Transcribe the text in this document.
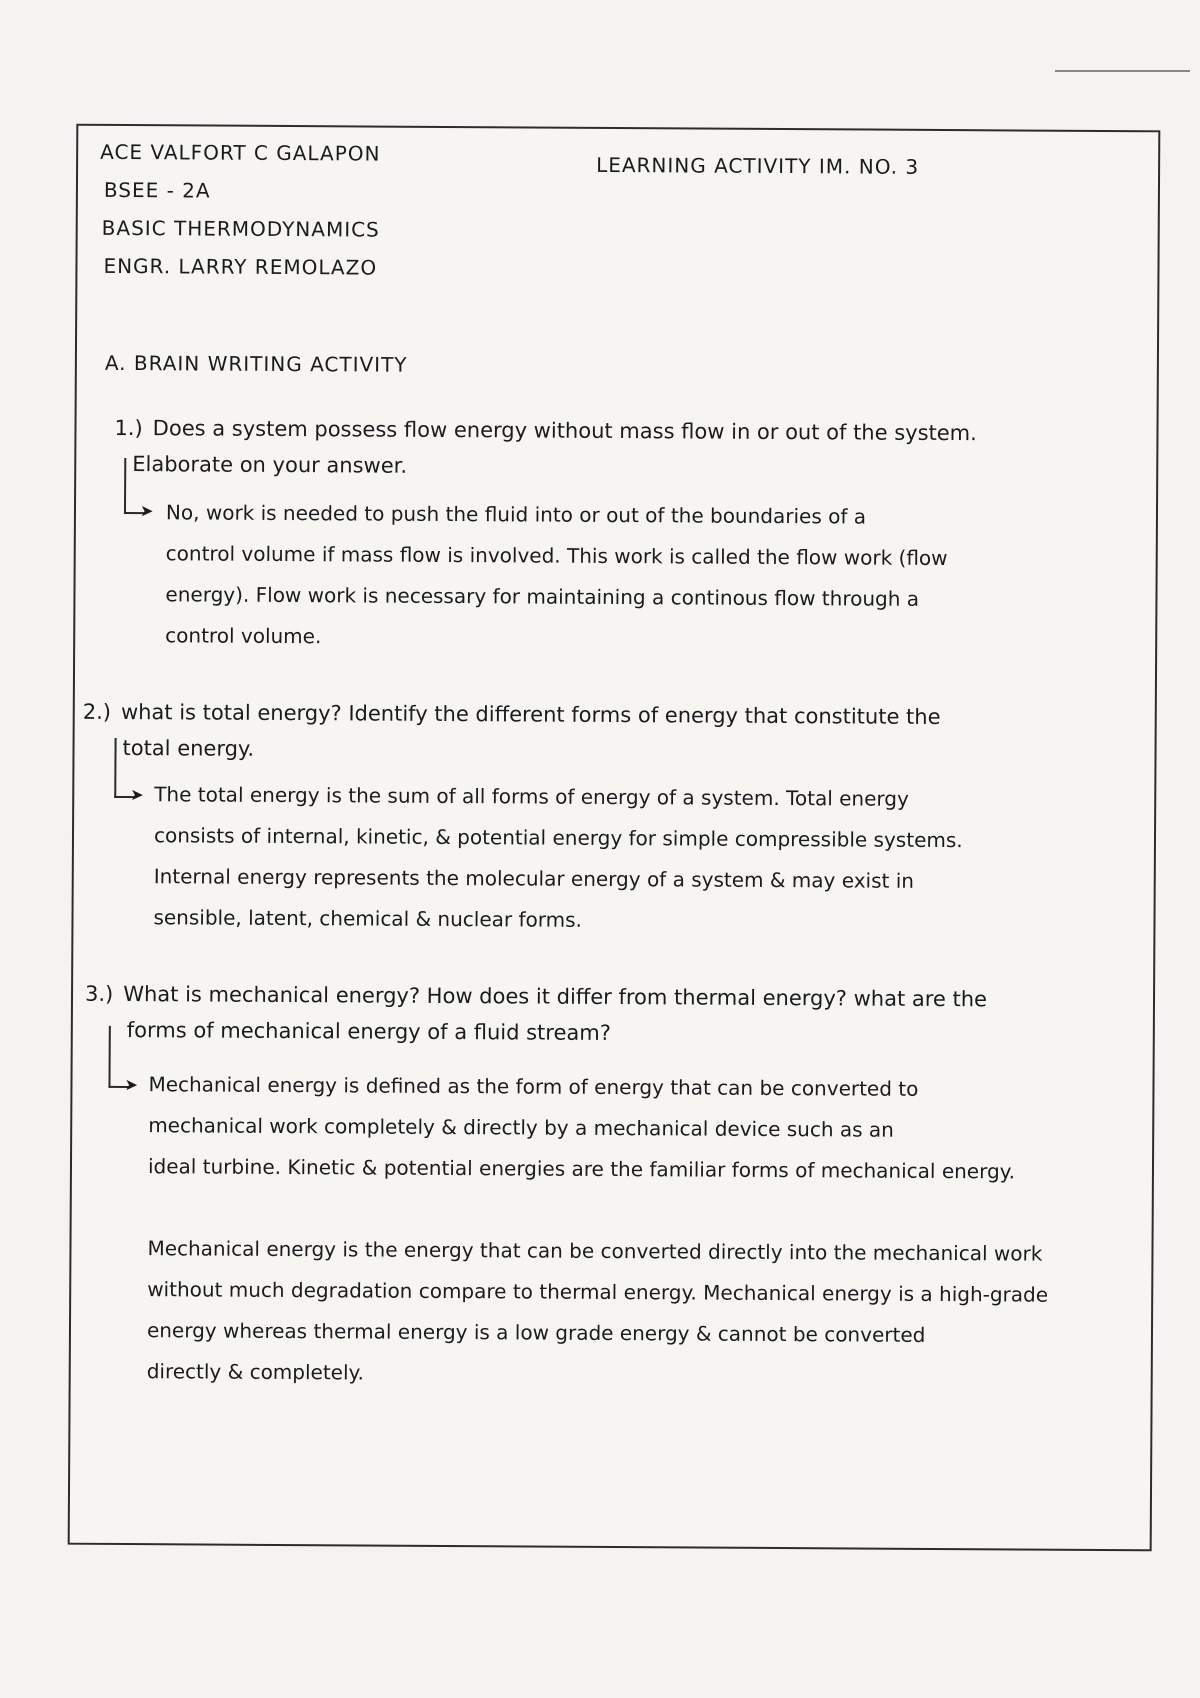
ACE VALFORT C GALAPON
LEARNING ACTIVITY IM. NO. 3
BSEE - 2A
BASIC THERMODYNAMICS
ENGR. LARRY REMOLAZO
A. BRAIN WRITING ACTIVITY
1.) Does a system possess flow energy without mass flow in or out of the system.
Elaborate on your answer.
➤ No, work is needed to push the fluid into or out of the boundaries of a
control volume if mass flow is involved. This work is called the flow work (flow
energy). Flow work is necessary for maintaining a continous flow through a
control volume.
2.) what is total energy? Identify the different forms of energy that constitute the
total energy.
➤ The total energy is the sum of all forms of energy of a system. Total energy
consists of internal, kinetic, & potential energy for simple compressible systems.
Internal energy represents the molecular energy of a system & may exist in
sensible, latent, chemical & nuclear forms.
3.) What is mechanical energy? How does it differ from thermal energy? what are the
forms of mechanical energy of a fluid stream?
➤ Mechanical energy is defined as the form of energy that can be converted to
mechanical work completely & directly by a mechanical device such as an
ideal turbine. Kinetic & potential energies are the familiar forms of mechanical energy.
Mechanical energy is the energy that can be converted directly into the mechanical work
without much degradation compare to thermal energy. Mechanical energy is a high-grade
energy whereas thermal energy is a low grade energy & cannot be converted
directly & completely.
